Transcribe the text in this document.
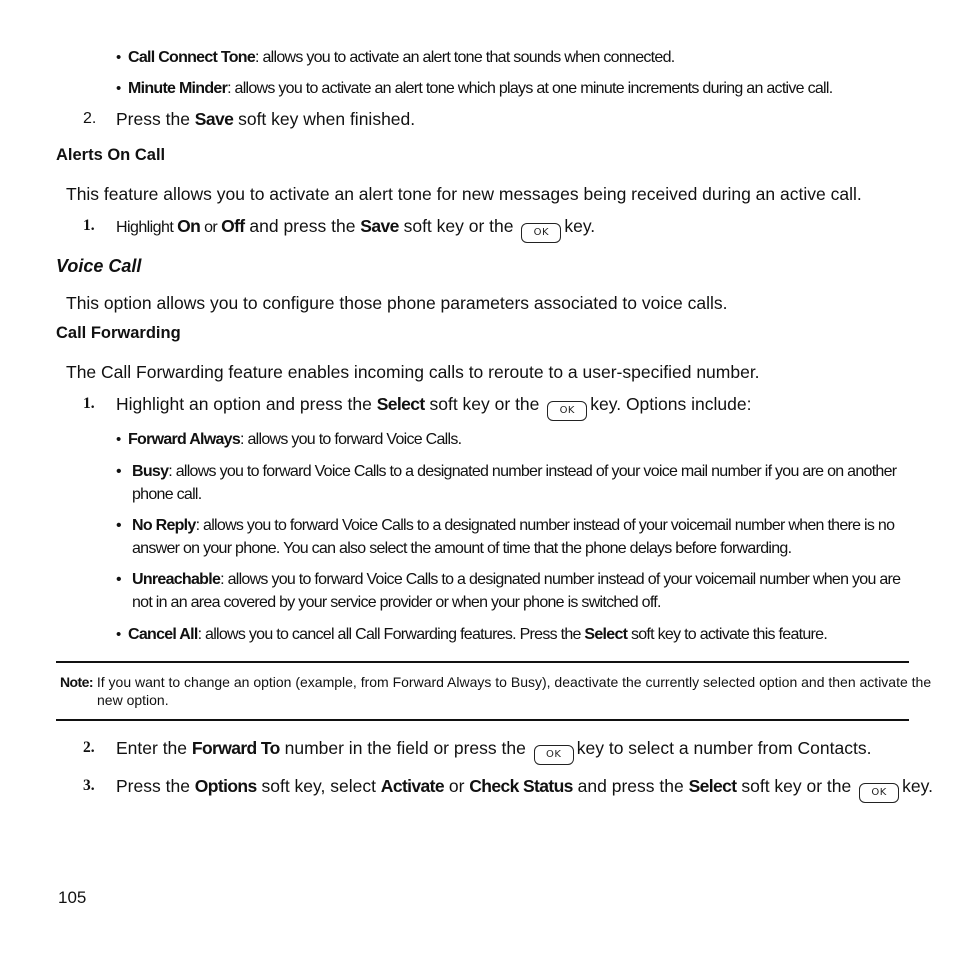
• Call Connect Tone: allows you to activate an alert tone that sounds when connected.
• Minute Minder: allows you to activate an alert tone which plays at one minute increments during an active call.
2. Press the Save soft key when finished.
Alerts On Call
This feature allows you to activate an alert tone for new messages being received during an active call.
1. Highlight On or Off and press the Save soft key or the OK key.
Voice Call
This option allows you to configure those phone parameters associated to voice calls.
Call Forwarding
The Call Forwarding feature enables incoming calls to reroute to a user-specified number.
1. Highlight an option and press the Select soft key or the OK key. Options include:
• Forward Always: allows you to forward Voice Calls.
• Busy: allows you to forward Voice Calls to a designated number instead of your voice mail number if you are on another phone call.
• No Reply: allows you to forward Voice Calls to a designated number instead of your voicemail number when there is no answer on your phone. You can also select the amount of time that the phone delays before forwarding.
• Unreachable: allows you to forward Voice Calls to a designated number instead of your voicemail number when you are not in an area covered by your service provider or when your phone is switched off.
• Cancel All: allows you to cancel all Call Forwarding features. Press the Select soft key to activate this feature.
Note: If you want to change an option (example, from Forward Always to Busy), deactivate the currently selected option and then activate the new option.
2. Enter the Forward To number in the field or press the OK key to select a number from Contacts.
3. Press the Options soft key, select Activate or Check Status and press the Select soft key or the OK key.
105
